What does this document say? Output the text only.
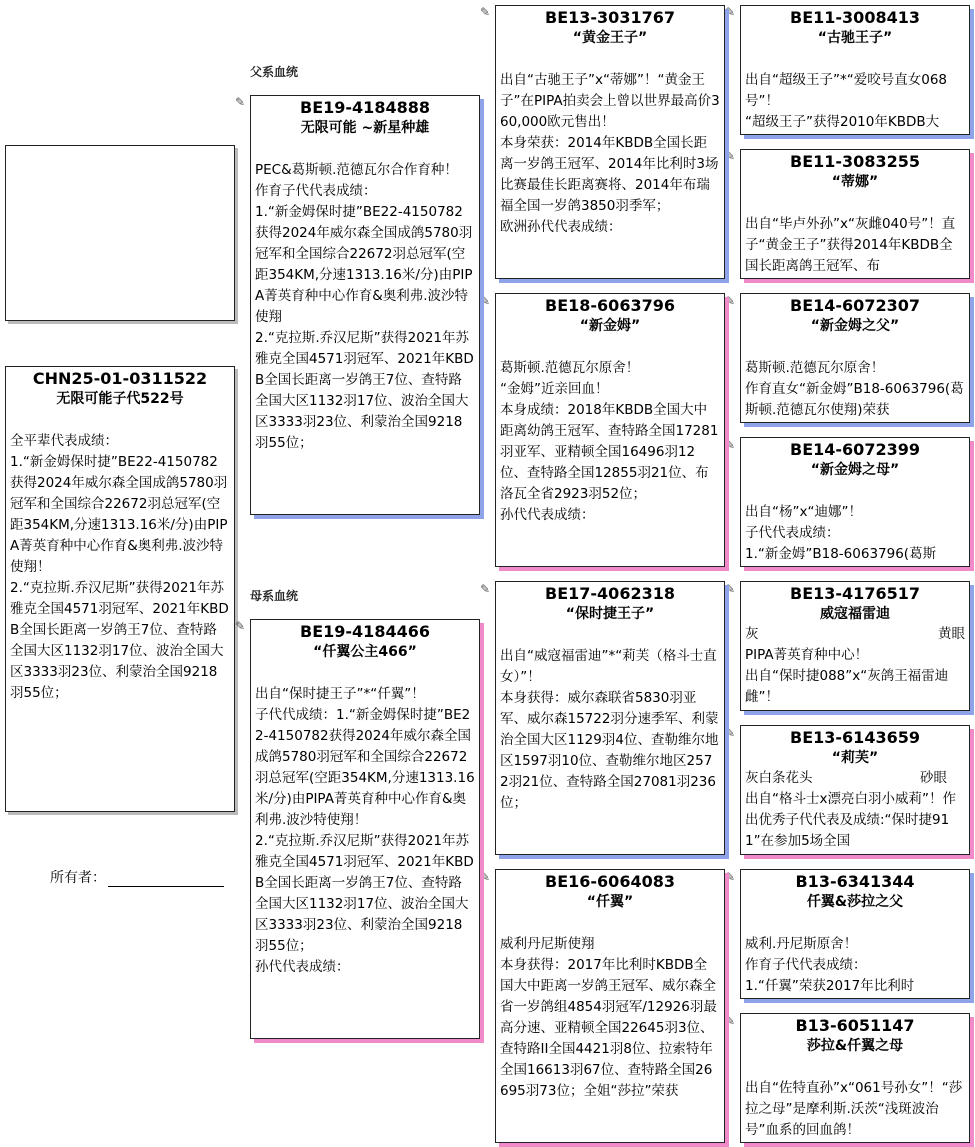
父系血统
母系血统
CHN25-01-0311522
无限可能子代522号
全平辈代表成绩：
1.“新金姆保时捷”BE22-4150782获得2024年威尔森全国成鸽5780羽冠军和全国综合22672羽总冠军(空距354KM,分速1313.16米/分)由PIPA菁英育种中心作育&奥利弗.波沙特使翔！
2.“克拉斯.乔汉尼斯”获得2021年苏雅克全国4571羽冠军、2021年KBDB全国长距离一岁鸽王7位、查特路全国大区1132羽17位、波治全国大区3333羽23位、利蒙治全国9218羽55位；
所有者：
✎
✎
✎
✎
✎
✎
✎
✎
✎
✎
✎
✎
✎
✎
BE19-4184888
无限可能 ~新星种雄
PEC&葛斯顿.范德瓦尔合作育种！
作育子代代表成绩：
1.“新金姆保时捷”BE22-4150782获得2024年威尔森全国成鸽5780羽冠军和全国综合22672羽总冠军(空距354KM,分速1313.16米/分)由PIPA菁英育种中心作育&奥利弗.波沙特使翔
2.“克拉斯.乔汉尼斯”获得2021年苏雅克全国4571羽冠军、2021年KBDB全国长距离一岁鸽王7位、查特路全国大区1132羽17位、波治全国大区3333羽23位、利蒙治全国9218羽55位；
BE19-4184466
“仟翼公主466”
出自“保时捷王子”*“仟翼”！
子代代成绩：1.“新金姆保时捷”BE22-4150782获得2024年威尔森全国成鸽5780羽冠军和全国综合22672羽总冠军(空距354KM,分速1313.16米/分)由PIPA菁英育种中心作育&奥利弗.波沙特使翔！
2.“克拉斯.乔汉尼斯”获得2021年苏雅克全国4571羽冠军、2021年KBDB全国长距离一岁鸽王7位、查特路全国大区1132羽17位、波治全国大区3333羽23位、利蒙治全国9218羽55位；
孙代代表成绩：
BE13-3031767
“黄金王子”
出自“古驰王子”x“蒂娜”！“黄金王子”在PIPA拍卖会上曾以世界最高价360,000欧元售出！
本身荣获：2014年KBDB全国长距离一岁鸽王冠军、2014年比利时3场比赛最佳长距离赛将、2014年布瑞福全国一岁鸽3850羽季军；
欧洲孙代代表成绩：
BE18-6063796
“新金姆”
葛斯顿.范德瓦尔原舍！
“金姆”近亲回血！
本身成绩：2018年KBDB全国大中距离幼鸽王冠军、查特路全国17281羽亚军、亚精顿全国16496羽12位、查特路全国12855羽21位、布洛瓦全省2923羽52位；
孙代代表成绩：
BE17-4062318
“保时捷王子”
出自“威寇福雷迪”*“莉芙（格斗士直女）”！
本身获得：威尔森联省5830羽亚军、威尔森15722羽分速季军、利蒙治全国大区1129羽4位、查勒维尔地区1597羽10位、查勒维尔地区2572羽21位、查特路全国27081羽236位；
BE16-6064083
“仟翼”
威利丹尼斯使翔
本身获得：2017年比利时KBDB全国大中距离一岁鸽王冠军、威尔森全省一岁鸽组4854羽冠军/12926羽最高分速、亚精顿全国22645羽3位、查特路II全国4421羽8位、拉索特年全国16613羽67位、查特路全国26695羽73位；全姐“莎拉”荣获
BE11-3008413
“古驰王子”
出自“超级王子”*“爱咬号直女068号”！
“超级王子”获得2010年KBDB大
BE11-3083255
“蒂娜”
出自“毕卢外孙”x“灰雌040号”！直子“黄金王子”获得2014年KBDB全国长距离鸽王冠军、布
BE14-6072307
“新金姆之父”
葛斯顿.范德瓦尔原舍！
作育直女“新金姆”B18-6063796(葛斯顿.范德瓦尔使翔)荣获
BE14-6072399
“新金姆之母”
出自“杨”x“迪娜”！
子代代表成绩：
1.“新金姆”B18-6063796(葛斯
BE13-4176517
威寇福雷迪
灰	黄眼
PIPA菁英育种中心！
出自“保时捷088”x“灰鸽王福雷迪雌”！
BE13-6143659
“莉芙”
灰白条花头	砂眼
出自“格斗士x漂亮白羽小威莉”！作出优秀子代代表及成绩:“保时捷911”在参加5场全国
B13-6341344
仟翼&莎拉之父
威利.丹尼斯原舍！
作育子代代表成绩：
1.“仟翼”荣获2017年比利时
B13-6051147
莎拉&仟翼之母
出自“佐特直孙”x“061号孙女”！“莎拉之母”是摩利斯.沃茨“浅斑波治号”血系的回血鸽！
